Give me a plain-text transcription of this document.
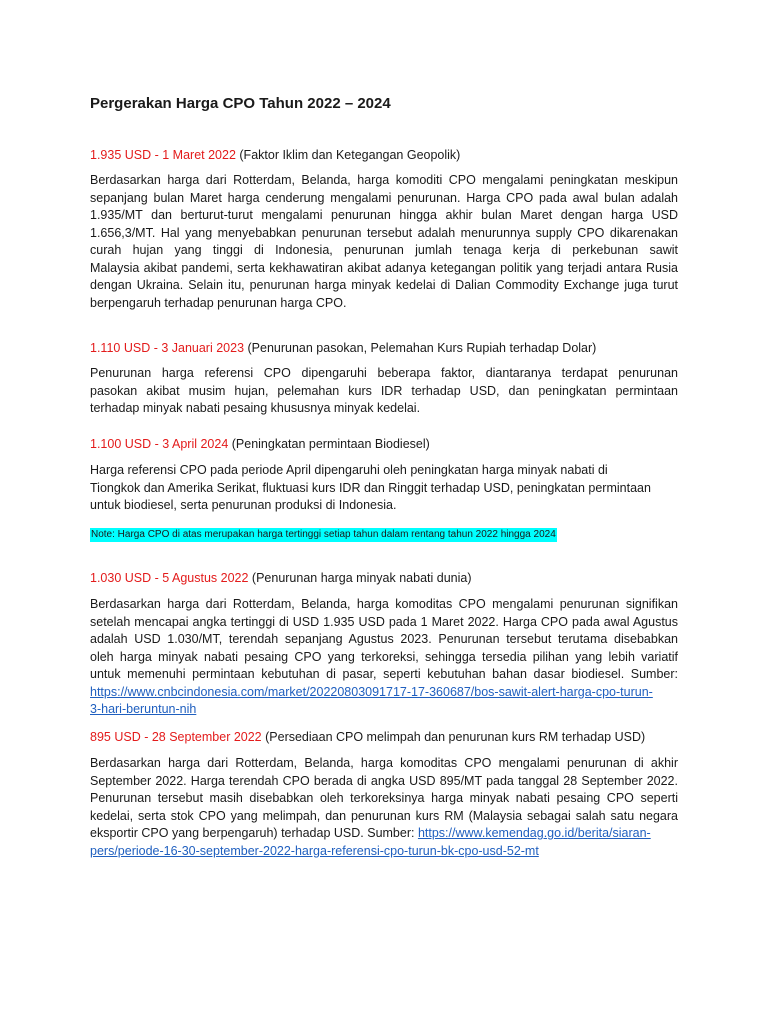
Pergerakan Harga CPO Tahun 2022 – 2024

1.935 USD - 1 Maret 2022 (Faktor Iklim dan Ketegangan Geopolik)

Berdasarkan harga dari Rotterdam, Belanda, harga komoditi CPO mengalami peningkatan meskipun
sepanjang bulan Maret harga cenderung mengalami penurunan. Harga CPO pada awal bulan adalah
1.935/MT dan berturut-turut mengalami penurunan hingga akhir bulan Maret dengan harga USD
1.656,3/MT. Hal yang menyebabkan penurunan tersebut adalah menurunnya supply CPO dikarenakan
curah hujan yang tinggi di Indonesia, penurunan jumlah tenaga kerja di perkebunan sawit
Malaysia akibat pandemi, serta kekhawatiran akibat adanya ketegangan politik yang terjadi antara Rusia
dengan Ukraina. Selain itu, penurunan harga minyak kedelai di Dalian Commodity Exchange juga turut
berpengaruh terhadap penurunan harga CPO.

1.110 USD - 3 Januari 2023 (Penurunan pasokan, Pelemahan Kurs Rupiah terhadap Dolar)

Penurunan harga referensi CPO dipengaruhi beberapa faktor, diantaranya terdapat penurunan
pasokan akibat musim hujan, pelemahan kurs IDR terhadap USD, dan peningkatan permintaan
terhadap minyak nabati pesaing khususnya minyak kedelai.

1.100 USD - 3 April 2024 (Peningkatan permintaan Biodiesel)

Harga referensi CPO pada periode April dipengaruhi oleh peningkatan harga minyak nabati di
Tiongkok dan Amerika Serikat, fluktuasi kurs IDR dan Ringgit terhadap USD, peningkatan permintaan
untuk biodiesel, serta penurunan produksi di Indonesia.

Note: Harga CPO di atas merupakan harga tertinggi setiap tahun dalam rentang tahun 2022 hingga 2024

1.030 USD - 5 Agustus 2022 (Penurunan harga minyak nabati dunia)

Berdasarkan harga dari Rotterdam, Belanda, harga komoditas CPO mengalami penurunan signifikan
setelah mencapai angka tertinggi di USD 1.935 USD pada 1 Maret 2022. Harga CPO pada awal Agustus
adalah USD 1.030/MT, terendah sepanjang Agustus 2023. Penurunan tersebut terutama disebabkan
oleh harga minyak nabati pesaing CPO yang terkoreksi, sehingga tersedia pilihan yang lebih variatif
untuk memenuhi permintaan kebutuhan di pasar, seperti kebutuhan bahan dasar biodiesel. Sumber:
https://www.cnbcindonesia.com/market/20220803091717-17-360687/bos-sawit-alert-harga-cpo-turun-
3-hari-beruntun-nih

895 USD - 28 September 2022 (Persediaan CPO melimpah dan penurunan kurs RM terhadap USD)

Berdasarkan harga dari Rotterdam, Belanda, harga komoditas CPO mengalami penurunan di akhir
September 2022. Harga terendah CPO berada di angka USD 895/MT pada tanggal 28 September 2022.
Penurunan tersebut masih disebabkan oleh terkoreksinya harga minyak nabati pesaing CPO seperti
kedelai, serta stok CPO yang melimpah, dan penurunan kurs RM (Malaysia sebagai salah satu negara
eksportir CPO yang berpengaruh) terhadap USD. Sumber: https://www.kemendag.go.id/berita/siaran-
pers/periode-16-30-september-2022-harga-referensi-cpo-turun-bk-cpo-usd-52-mt
